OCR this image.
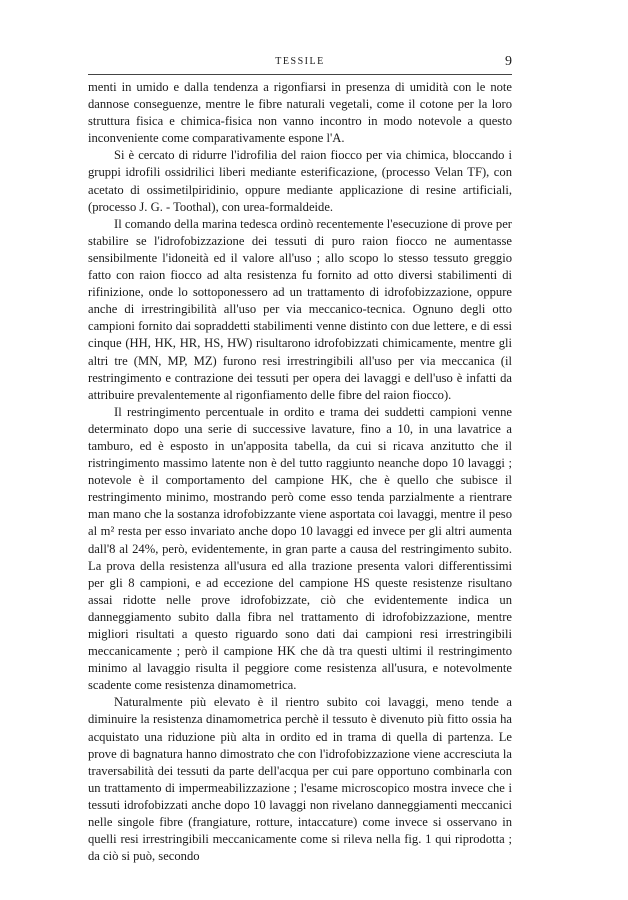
TESSILE	9

menti in umido e dalla tendenza a rigonfiarsi in presenza di umidità con le note dannose conseguenze, mentre le fibre naturali vegetali, come il cotone per la loro struttura fisica e chimica-fisica non vanno incontro in modo notevole a questo inconveniente come comparativamente espone l'A.

Si è cercato di ridurre l'idrofilia del raion fiocco per via chimica, bloccando i gruppi idrofili ossidrilici liberi mediante esterificazione, (processo Velan TF), con acetato di ossimetilpiridinio, oppure mediante applicazione di resine artificiali, (processo J. G. - Toothal), con urea-formaldeide.

Il comando della marina tedesca ordinò recentemente l'esecuzione di prove per stabilire se l'idrofobizzazione dei tessuti di puro raion fiocco ne aumentasse sensibilmente l'idoneità ed il valore all'uso ; allo scopo lo stesso tessuto greggio fatto con raion fiocco ad alta resistenza fu fornito ad otto diversi stabilimenti di rifinizione, onde lo sottoponessero ad un trattamento di idrofobizzazione, oppure anche di irrestringibilità all'uso per via meccanico-tecnica. Ognuno degli otto campioni fornito dai sopraddetti stabilimenti venne distinto con due lettere, e di essi cinque (HH, HK, HR, HS, HW) risultarono idrofobizzati chimicamente, mentre gli altri tre (MN, MP, MZ) furono resi irrestringibili all'uso per via meccanica (il restringimento e contrazione dei tessuti per opera dei lavaggi e dell'uso è infatti da attribuire prevalentemente al rigonfiamento delle fibre del raion fiocco).

Il restringimento percentuale in ordito e trama dei suddetti campioni venne determinato dopo una serie di successive lavature, fino a 10, in una lavatrice a tamburo, ed è esposto in un'apposita tabella, da cui si ricava anzitutto che il ristringimento massimo latente non è del tutto raggiunto neanche dopo 10 lavaggi ; notevole è il comportamento del campione HK, che è quello che subisce il restringimento minimo, mostrando però come esso tenda parzialmente a rientrare man mano che la sostanza idrofobizzante viene asportata coi lavaggi, mentre il peso al m² resta per esso invariato anche dopo 10 lavaggi ed invece per gli altri aumenta dall'8 al 24%, però, evidentemente, in gran parte a causa del restringimento subito. La prova della resistenza all'usura ed alla trazione presenta valori differentissimi per gli 8 campioni, e ad eccezione del campione HS queste resistenze risultano assai ridotte nelle prove idrofobizzate, ciò che evidentemente indica un danneggiamento subito dalla fibra nel trattamento di idrofobizzazione, mentre migliori risultati a questo riguardo sono dati dai campioni resi irrestringibili meccanicamente ; però il campione HK che dà tra questi ultimi il restringimento minimo al lavaggio risulta il peggiore come resistenza all'usura, e notevolmente scadente come resistenza dinamometrica.

Naturalmente più elevato è il rientro subito coi lavaggi, meno tende a diminuire la resistenza dinamometrica perchè il tessuto è divenuto più fitto ossia ha acquistato una riduzione più alta in ordito ed in trama di quella di partenza. Le prove di bagnatura hanno dimostrato che con l'idrofobizzazione viene accresciuta la traversabilità dei tessuti da parte dell'acqua per cui pare opportuno combinarla con un trattamento di impermeabilizzazione ; l'esame microscopico mostra invece che i tessuti idrofobizzati anche dopo 10 lavaggi non rivelano danneggiamenti meccanici nelle singole fibre (frangiature, rotture, intaccature) come invece si osservano in quelli resi irrestringibili meccanicamente come si rileva nella fig. 1 qui riprodotta ; da ciò si può, secondo
